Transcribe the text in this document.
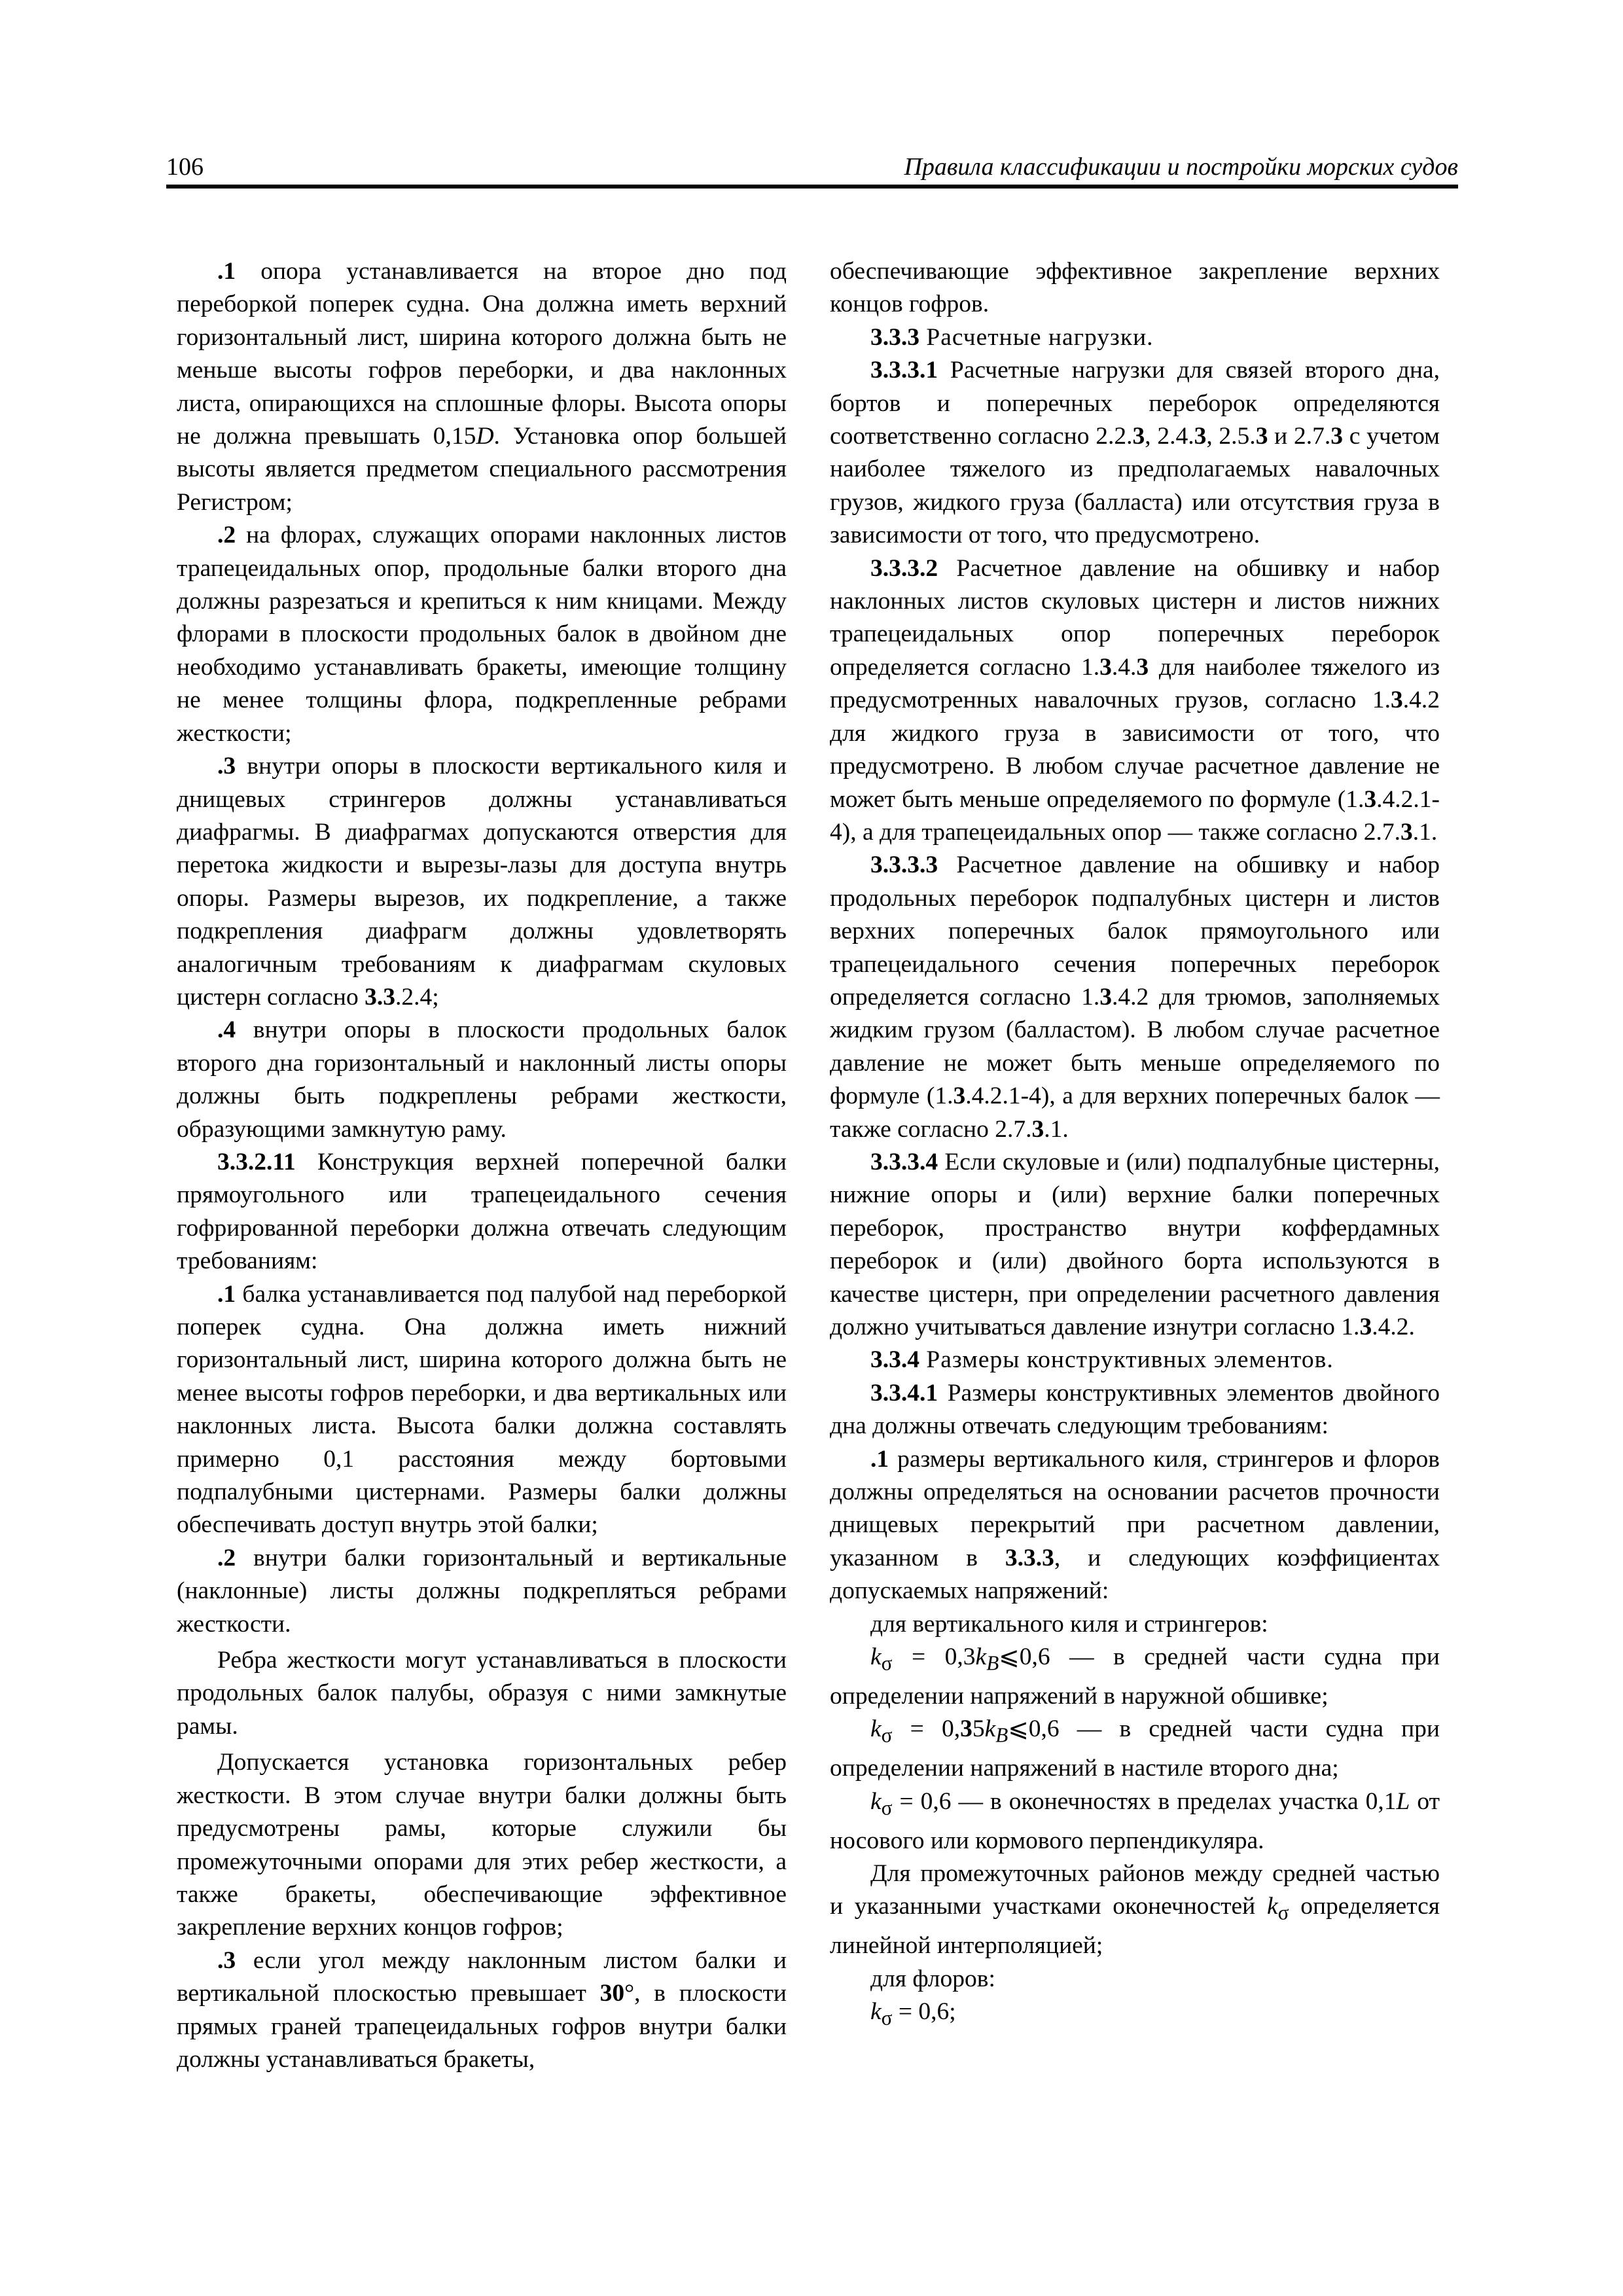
106	Правила классификации и постройки морских судов

.1 опора устанавливается на второе дно под переборкой поперек судна. Она должна иметь верхний горизонтальный лист, ширина которого должна быть не меньше высоты гофров переборки, и два наклонных листа, опирающихся на сплошные флоры. Высота опоры не должна превышать 0,15D. Установка опор большей высоты является предметом специального рассмотрения Регистром;

.2 на флорах, служащих опорами наклонных листов трапецеидальных опор, продольные балки второго дна должны разрезаться и крепиться к ним кницами. Между флорами в плоскости продольных балок в двойном дне необходимо устанавливать бракеты, имеющие толщину не менее толщины флора, подкрепленные ребрами жесткости;

.3 внутри опоры в плоскости вертикального киля и днищевых стрингеров должны устанавливаться диафрагмы. В диафрагмах допускаются отверстия для перетока жидкости и вырезы-лазы для доступа внутрь опоры. Размеры вырезов, их подкрепление, а также подкрепления диафрагм должны удовлетворять аналогичным требованиям к диафрагмам скуловых цистерн согласно 3.3.2.4;

.4 внутри опоры в плоскости продольных балок второго дна горизонтальный и наклонный листы опоры должны быть подкреплены ребрами жесткости, образующими замкнутую раму.

3.3.2.11 Конструкция верхней поперечной балки прямоугольного или трапецеидального сечения гофрированной переборки должна отвечать следующим требованиям:

.1 балка устанавливается под палубой над переборкой поперек судна. Она должна иметь нижний горизонтальный лист, ширина которого должна быть не менее высоты гофров переборки, и два вертикальных или наклонных листа. Высота балки должна составлять примерно 0,1 расстояния между бортовыми подпалубными цистернами. Размеры балки должны обеспечивать доступ внутрь этой балки;

.2 внутри балки горизонтальный и вертикальные (наклонные) листы должны подкрепляться ребрами жесткости.

Ребра жесткости могут устанавливаться в плоскости продольных балок палубы, образуя с ними замкнутые рамы.

Допускается установка горизонтальных ребер жесткости. В этом случае внутри балки должны быть предусмотрены рамы, которые служили бы промежуточными опорами для этих ребер жесткости, а также бракеты, обеспечивающие эффективное закрепление верхних концов гофров;

.3 если угол между наклонным листом балки и вертикальной плоскостью превышает 30°, в плоскости прямых граней трапецеидальных гофров внутри балки должны устанавливаться бракеты,

обеспечивающие эффективное закрепление верхних концов гофров.

3.3.3 Расчетные нагрузки.

3.3.3.1 Расчетные нагрузки для связей второго дна, бортов и поперечных переборок определяются соответственно согласно 2.2.3, 2.4.3, 2.5.3 и 2.7.3 с учетом наиболее тяжелого из предполагаемых навалочных грузов, жидкого груза (балласта) или отсутствия груза в зависимости от того, что предусмотрено.

3.3.3.2 Расчетное давление на обшивку и набор наклонных листов скуловых цистерн и листов нижних трапецеидальных опор поперечных переборок определяется согласно 1.3.4.3 для наиболее тяжелого из предусмотренных навалочных грузов, согласно 1.3.4.2 для жидкого груза в зависимости от того, что предусмотрено. В любом случае расчетное давление не может быть меньше определяемого по формуле (1.3.4.2.1-4), а для трапецеидальных опор — также согласно 2.7.3.1.

3.3.3.3 Расчетное давление на обшивку и набор продольных переборок подпалубных цистерн и листов верхних поперечных балок прямоугольного или трапецеидального сечения поперечных переборок определяется согласно 1.3.4.2 для трюмов, заполняемых жидким грузом (балластом). В любом случае расчетное давление не может быть меньше определяемого по формуле (1.3.4.2.1-4), а для верхних поперечных балок — также согласно 2.7.3.1.

3.3.3.4 Если скуловые и (или) подпалубные цистерны, нижние опоры и (или) верхние балки поперечных переборок, пространство внутри коффердамных переборок и (или) двойного борта используются в качестве цистерн, при определении расчетного давления должно учитываться давление изнутри согласно 1.3.4.2.

3.3.4 Размеры конструктивных элементов.

3.3.4.1 Размеры конструктивных элементов двойного дна должны отвечать следующим требованиям:

.1 размеры вертикального киля, стрингеров и флоров должны определяться на основании расчетов прочности днищевых перекрытий при расчетном давлении, указанном в 3.3.3, и следующих коэффициентах допускаемых напряжений:

для вертикального киля и стрингеров:

$k_\sigma$ = $0,3k_B⩽0,6$ — в средней части судна при определении напряжений в наружной обшивке;

$k_\sigma$ = $0,35k_B⩽0,6$ — в средней части судна при определении напряжений в настиле второго дна;

$k_\sigma = 0,6$ — в оконечностях в пределах участка 0,1L от носового или кормового перпендикуляра.

Для промежуточных районов между средней частью и указанными участками оконечностей $k_\sigma$ определяется линейной интерполяцией;

для флоров:

$k_\sigma = 0,6$;
